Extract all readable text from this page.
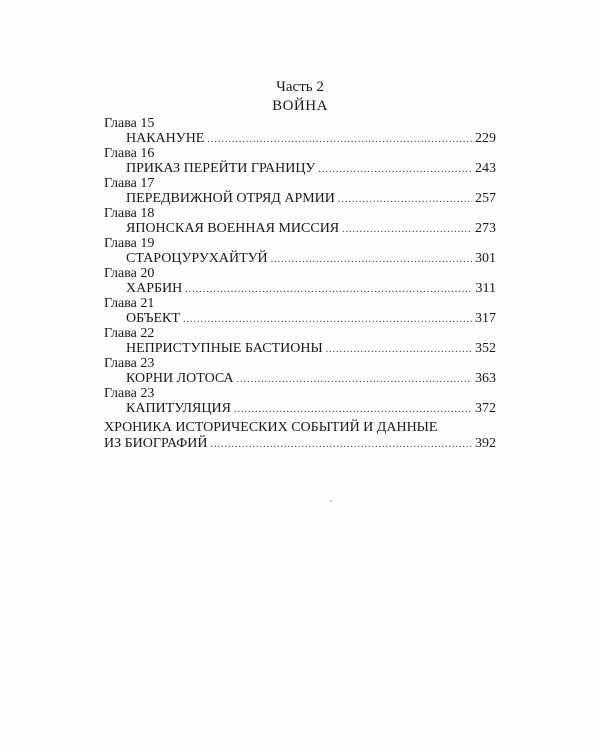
Часть 2
ВОЙНА
Глава 15
НАКАНУНЕ .....	229
Глава 16
ПРИКАЗ ПЕРЕЙТИ ГРАНИЦУ .....	243
Глава 17
ПЕРЕДВИЖНОЙ ОТРЯД АРМИИ .....	257
Глава 18
ЯПОНСКАЯ ВОЕННАЯ МИССИЯ .....	273
Глава 19
СТАРОЦУРУХАЙТУЙ .....	301
Глава 20
ХАРБИН .....	311
Глава 21
ОБЪЕКТ .....	317
Глава 22
НЕПРИСТУПНЫЕ БАСТИОНЫ .....	352
Глава 23
КОРНИ ЛОТОСА .....	363
Глава 23
КАПИТУЛЯЦИЯ .....	372
ХРОНИКА ИСТОРИЧЕСКИХ СОБЫТИЙ И ДАННЫЕ
ИЗ БИОГРАФИЙ .....	392
